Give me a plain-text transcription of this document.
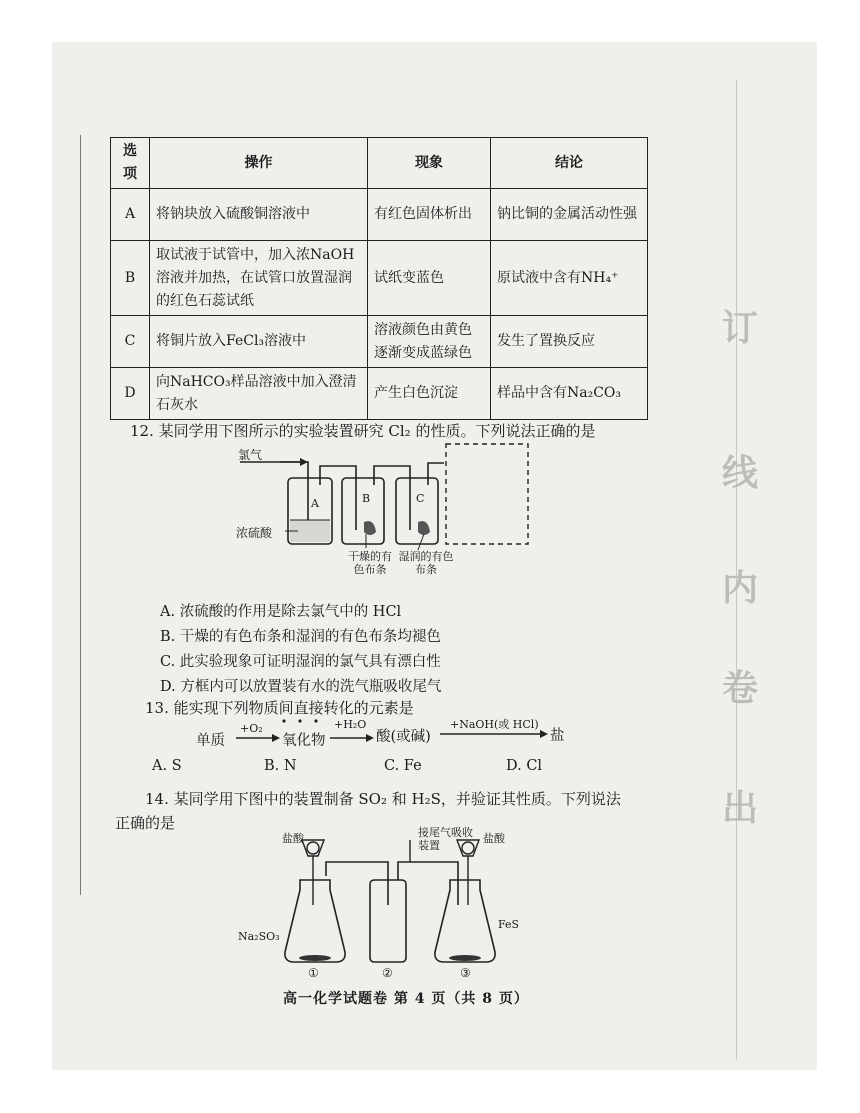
订
线
内
卷
出
选项	操作	现象	结论
A	将钠块放入硫酸铜溶液中	有红色固体析出	钠比铜的金属活动性强
B	取试液于试管中，加入浓NaOH溶液并加热，在试管口放置湿润的红色石蕊试纸	试纸变蓝色	原试液中含有NH₄⁺
C	将铜片放入FeCl₃溶液中	溶液颜色由黄色逐渐变成蓝绿色	发生了置换反应
D	向NaHCO₃样品溶液中加入澄清石灰水	产生白色沉淀	样品中含有Na₂CO₃
12. 某同学用下图所示的实验装置研究 Cl₂ 的性质。下列说法正确的是
氯气
A	B	C
浓硫酸
干燥的有色布条
湿润的有色布条
A. 浓硫酸的作用是除去氯气中的 HCl
B. 干燥的有色布条和湿润的有色布条均褪色
C. 此实验现象可证明湿润的氯气具有漂白性
D. 方框内可以放置装有水的洗气瓶吸收尾气
13. 能实现下列物质间直接转化的元素是
单质
+O₂
氧化物
+H₂O
酸(或碱)
+NaOH(或 HCl)
盐
A. S	B. N	C. Fe	D. Cl
14. 某同学用下图中的装置制备 SO₂ 和 H₂S，并验证其性质。下列说法
正确的是
盐酸	盐酸
接尾气吸收装置
Na₂SO₃
FeS
①	②	③
高一化学试题卷 第 4 页（共 8 页）
